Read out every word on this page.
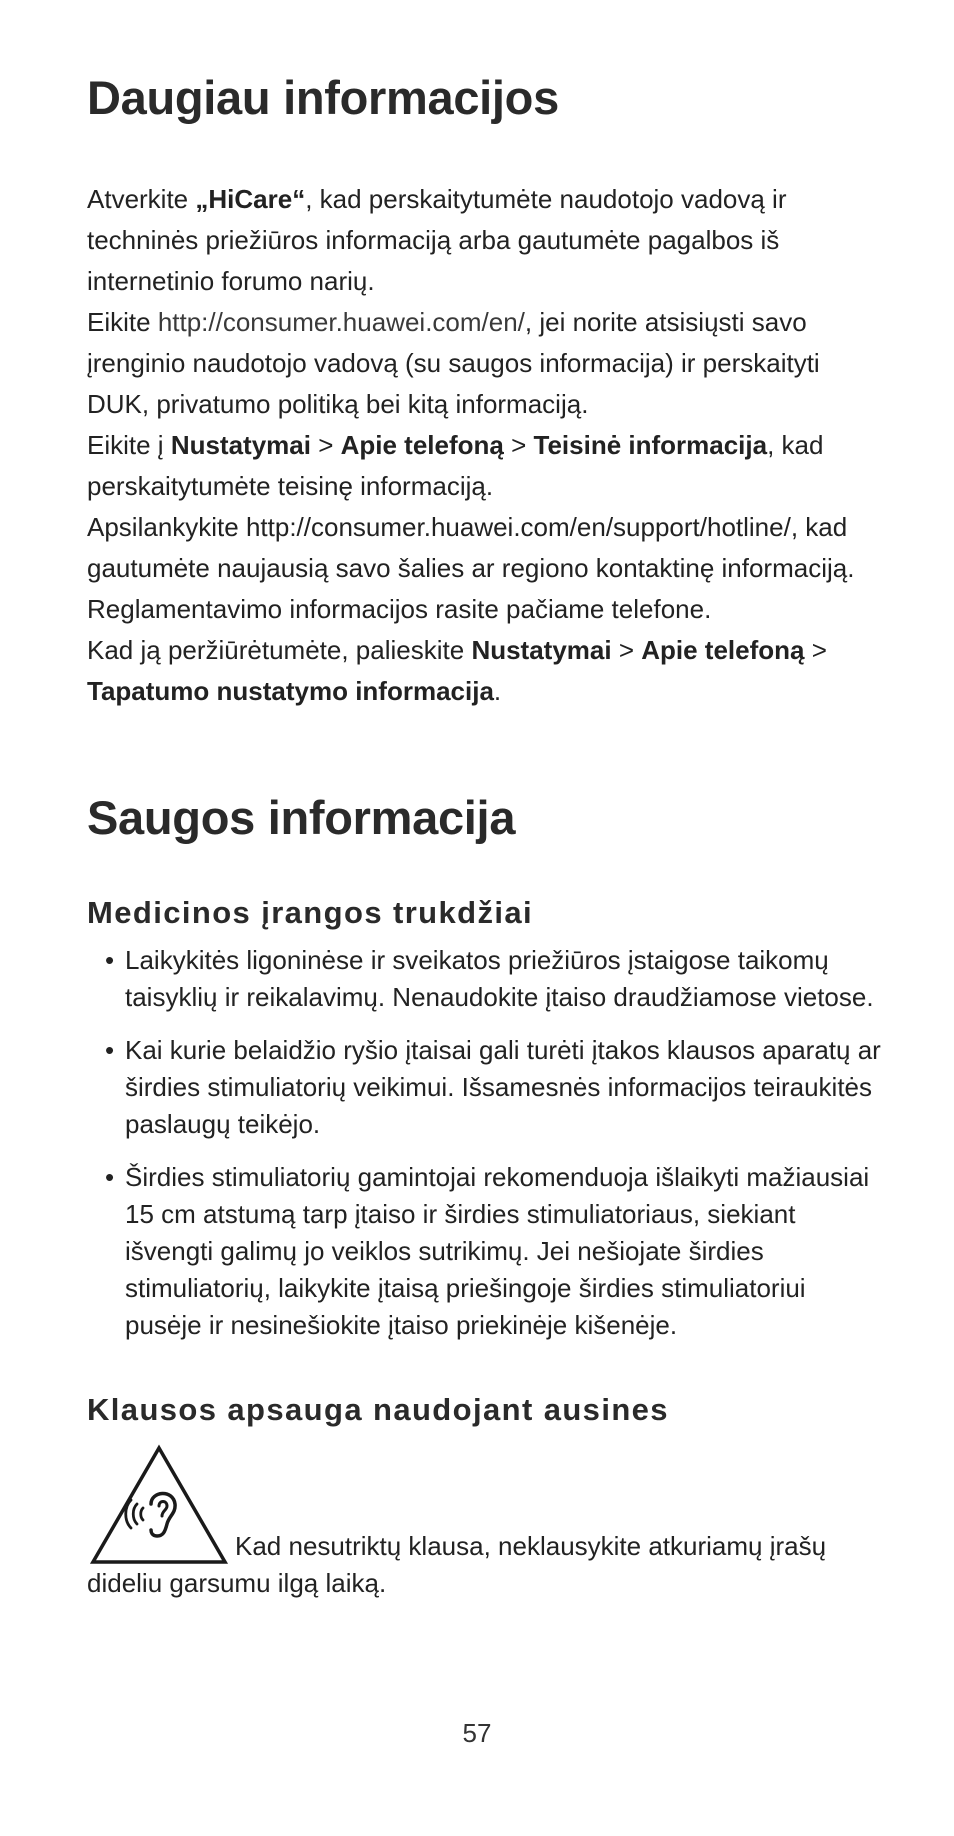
Daugiau informacijos
Atverkite „HiCare“, kad perskaitytumėte naudotojo vadovą ir techninės priežiūros informaciją arba gautumėte pagalbos iš internetinio forumo narių.
Eikite http://consumer.huawei.com/en/, jei norite atsisiųsti savo įrenginio naudotojo vadovą (su saugos informacija) ir perskaityti DUK, privatumo politiką bei kitą informaciją.
Eikite į Nustatymai > Apie telefoną > Teisinė informacija, kad perskaitytumėte teisinę informaciją.
Apsilankykite http://consumer.huawei.com/en/support/hotline/, kad gautumėte naujausią savo šalies ar regiono kontaktinę informaciją.
Reglamentavimo informacijos rasite pačiame telefone.
Kad ją peržiūrėtumėte, palieskite Nustatymai > Apie telefoną > Tapatumo nustatymo informacija.
Saugos informacija
Medicinos įrangos trukdžiai
• Laikykitės ligoninėse ir sveikatos priežiūros įstaigose taikomų taisyklių ir reikalavimų. Nenaudokite įtaiso draudžiamose vietose.
• Kai kurie belaidžio ryšio įtaisai gali turėti įtakos klausos aparatų ar širdies stimuliatorių veikimui. Išsamesnės informacijos teiraukitės paslaugų teikėjo.
• Širdies stimuliatorių gamintojai rekomenduoja išlaikyti mažiausiai 15 cm atstumą tarp įtaiso ir širdies stimuliatoriaus, siekiant išvengti galimų jo veiklos sutrikimų. Jei nešiojate širdies stimuliatorių, laikykite įtaisą priešingoje širdies stimuliatoriui pusėje ir nesinešiokite įtaiso priekinėje kišenėje.
Klausos apsauga naudojant ausines
Kad nesutriktų klausa, neklausykite atkuriamų įrašų dideliu garsumu ilgą laiką.
57
